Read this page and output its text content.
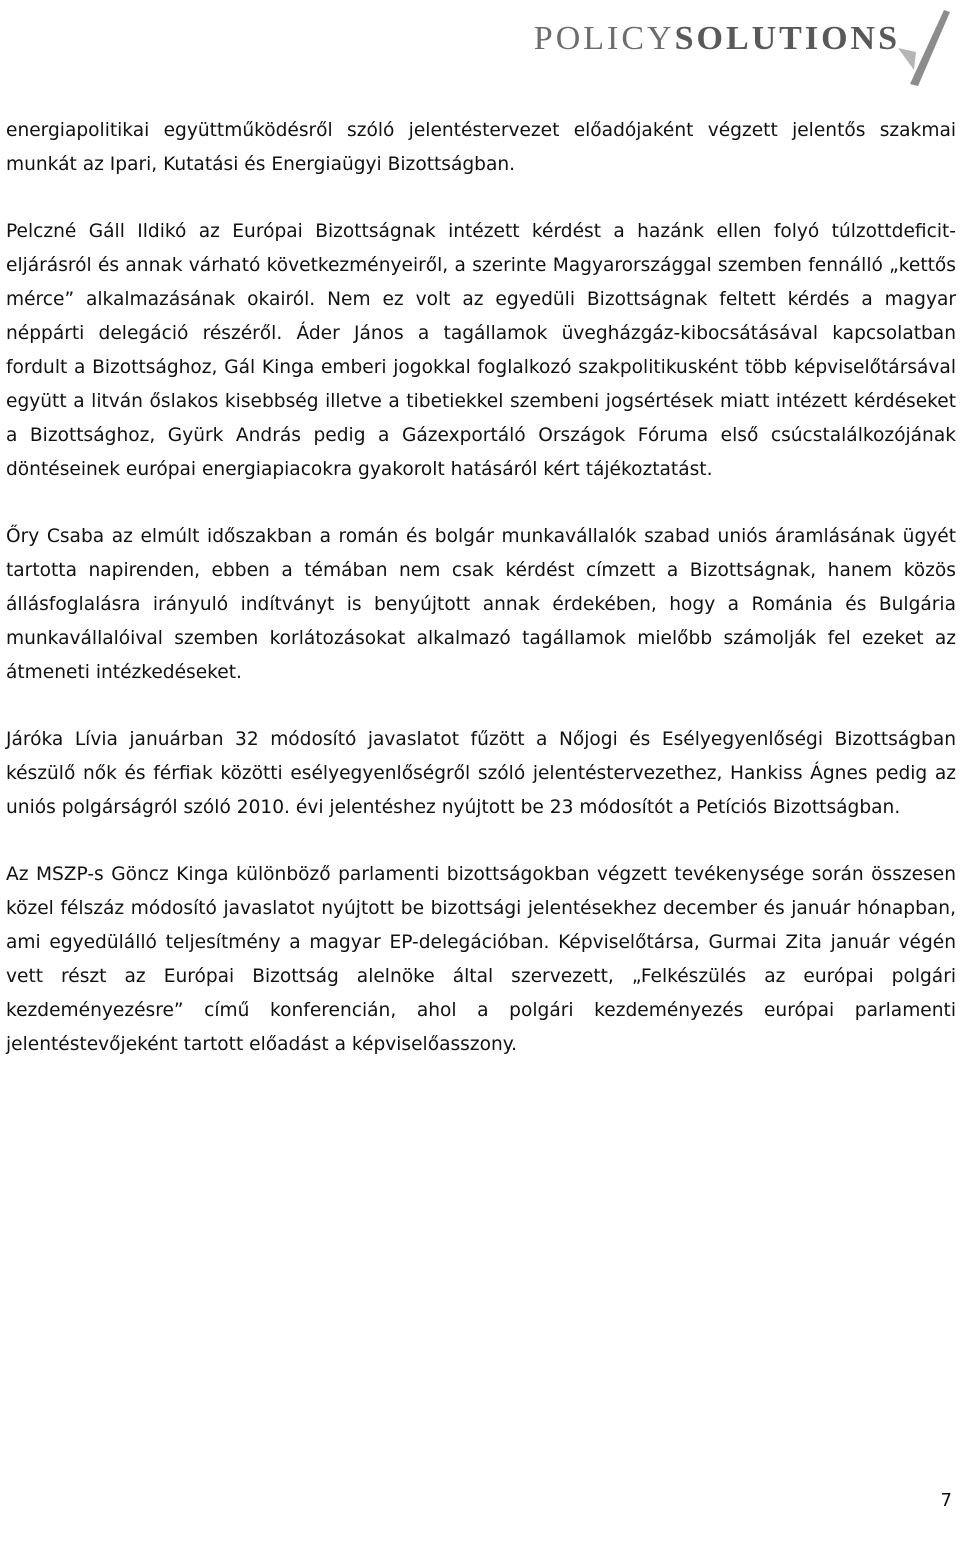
POLICYSOLUTIONS

energiapolitikai együttműködésről szóló jelentéstervezet előadójaként végzett jelentős szakmai munkát az Ipari, Kutatási és Energiaügyi Bizottságban.

Pelczné Gáll Ildikó az Európai Bizottságnak intézett kérdést a hazánk ellen folyó túlzottdeficit-eljárásról és annak várható következményeiről, a szerinte Magyarországgal szemben fennálló „kettős mérce” alkalmazásának okairól. Nem ez volt az egyedüli Bizottságnak feltett kérdés a magyar néppárti delegáció részéről. Áder János a tagállamok üvegházgáz-kibocsátásával kapcsolatban fordult a Bizottsághoz, Gál Kinga emberi jogokkal foglalkozó szakpolitikusként több képviselőtársával együtt a litván őslakos kisebbség illetve a tibetiekkel szembeni jogsértések miatt intézett kérdéseket a Bizottsághoz, Gyürk András pedig a Gázexportáló Országok Fóruma első csúcstalálkozójának döntéseinek európai energiapiacokra gyakorolt hatásáról kért tájékoztatást.

Őry Csaba az elmúlt időszakban a román és bolgár munkavállalók szabad uniós áramlásának ügyét tartotta napirenden, ebben a témában nem csak kérdést címzett a Bizottságnak, hanem közös állásfoglalásra irányuló indítványt is benyújtott annak érdekében, hogy a Románia és Bulgária munkavállalóival szemben korlátozásokat alkalmazó tagállamok mielőbb számolják fel ezeket az átmeneti intézkedéseket.

Járóka Lívia januárban 32 módosító javaslatot fűzött a Nőjogi és Esélyegyenlőségi Bizottságban készülő nők és férfiak közötti esélyegyenlőségről szóló jelentéstervezethez, Hankiss Ágnes pedig az uniós polgárságról szóló 2010. évi jelentéshez nyújtott be 23 módosítót a Petíciós Bizottságban.

Az MSZP-s Göncz Kinga különböző parlamenti bizottságokban végzett tevékenysége során összesen közel félszáz módosító javaslatot nyújtott be bizottsági jelentésekhez december és január hónapban, ami egyedülálló teljesítmény a magyar EP-delegációban. Képviselőtársa, Gurmai Zita január végén vett részt az Európai Bizottság alelnöke által szervezett, „Felkészülés az európai polgári kezdeményezésre” című konferencián, ahol a polgári kezdeményezés európai parlamenti jelentéstevőjeként tartott előadást a képviselőasszony.

7
